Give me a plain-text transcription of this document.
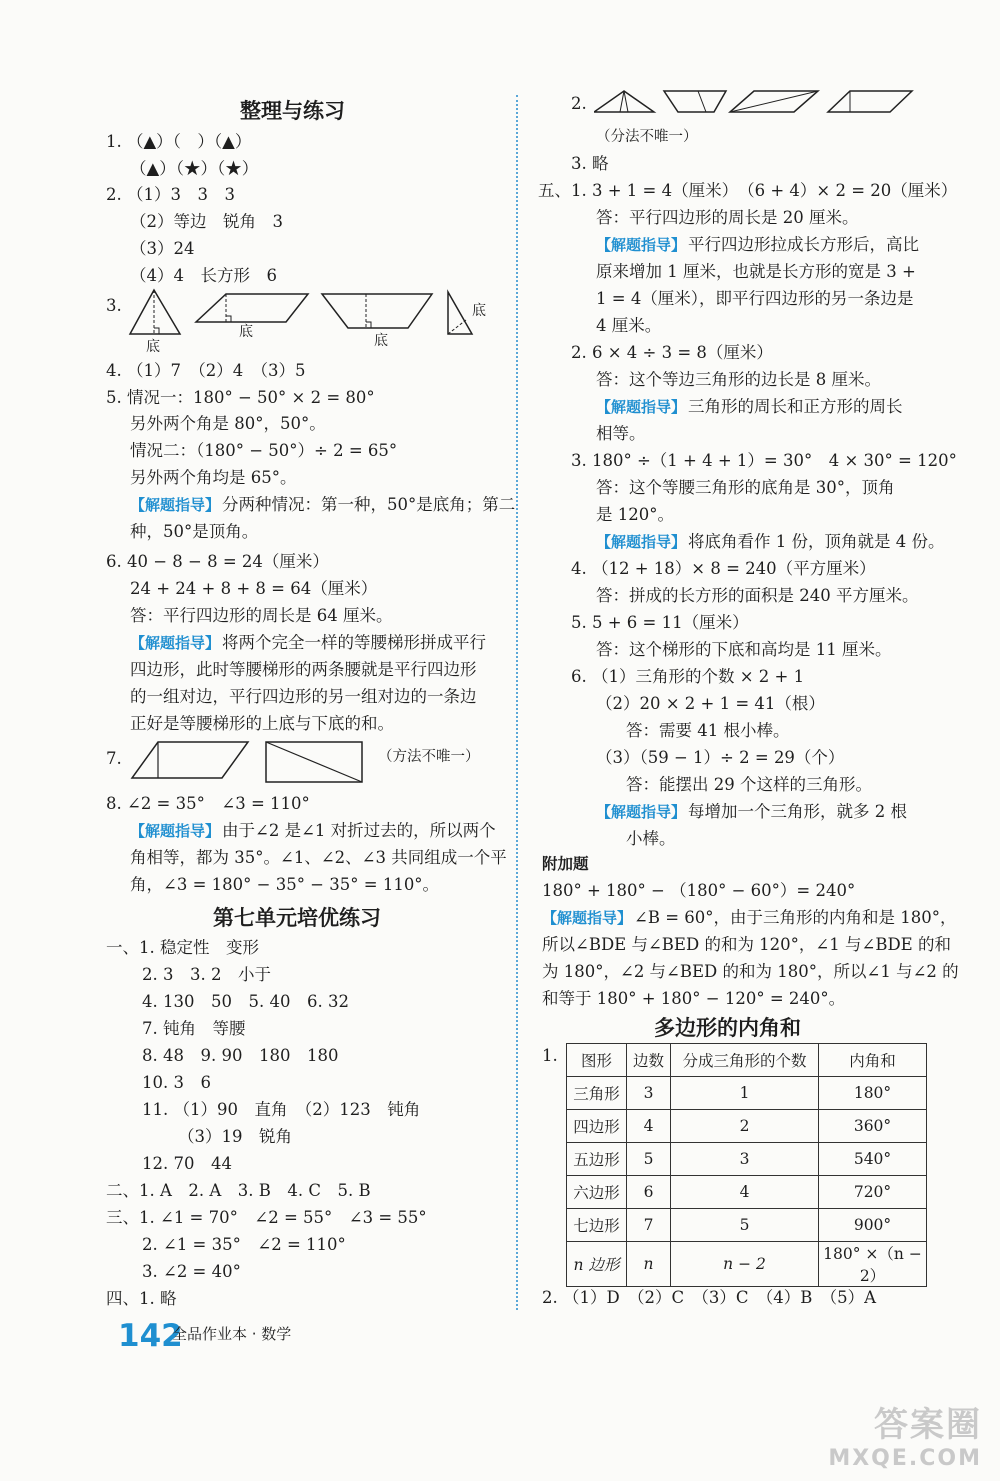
整理与练习
1. （▲）（　）（▲）
（▲）（★）（★）
2. （1）3　3　3
（2）等边　锐角　3
（3）24
（4）4　长方形　6
3.
底
底
底
底
4. （1）7　（2）4　（3）5
5. 情况一：180° − 50° × 2 = 80°
另外两个角是 80°，50°。
情况二：（180° − 50°）÷ 2 = 65°
另外两个角均是 65°。
【解题指导】 分两种情况：第一种，50°是底角；第二
种，50°是顶角。
6. 40 − 8 − 8 = 24（厘米）
24 + 24 + 8 + 8 = 64（厘米）
答：平行四边形的周长是 64 厘米。
【解题指导】 将两个完全一样的等腰梯形拼成平行
四边形，此时等腰梯形的两条腰就是平行四边形
的一组对边，平行四边形的另一组对边的一条边
正好是等腰梯形的上底与下底的和。
7.	（方法不唯一）
8. ∠2 = 35°　∠3 = 110°
【解题指导】 由于∠2 是∠1 对折过去的，所以两个
角相等，都为 35°。∠1、∠2、∠3 共同组成一个平
角，∠3 = 180° − 35° − 35° = 110°。
第七单元培优练习
一、1. 稳定性　变形
2. 3　3. 2　小于
4. 130　50　5. 40　6. 32
7. 钝角　等腰
8. 48　9. 90　180　180
10. 3　6
11. （1）90　直角　（2）123　钝角
（3）19　锐角
12. 70　44
二、1. A　2. A　3. B　4. C　5. B
三、1. ∠1 = 70°　∠2 = 55°　∠3 = 55°
2. ∠1 = 35°　∠2 = 110°
3. ∠2 = 40°
四、1. 略
2.
（分法不唯一）
3. 略
五、1. 3 + 1 = 4（厘米）　（6 + 4）× 2 = 20（厘米）
答：平行四边形的周长是 20 厘米。
【解题指导】 平行四边形拉成长方形后，高比
原来增加 1 厘米，也就是长方形的宽是 3 +
1 = 4（厘米），即平行四边形的另一条边是
4 厘米。
2. 6 × 4 ÷ 3 = 8（厘米）
答：这个等边三角形的边长是 8 厘米。
【解题指导】 三角形的周长和正方形的周长
相等。
3. 180° ÷（1 + 4 + 1）= 30°　4 × 30° = 120°
答：这个等腰三角形的底角是 30°，顶角
是 120°。
【解题指导】 将底角看作 1 份，顶角就是 4 份。
4. （12 + 18）× 8 = 240（平方厘米）
答：拼成的长方形的面积是 240 平方厘米。
5. 5 + 6 = 11（厘米）
答：这个梯形的下底和高均是 11 厘米。
6. （1）三角形的个数 × 2 + 1
（2）20 × 2 + 1 = 41（根）
答：需要 41 根小棒。
（3）（59 − 1）÷ 2 = 29（个）
答：能摆出 29 个这样的三角形。
【解题指导】 每增加一个三角形，就多 2 根
小棒。
附加题
180° + 180° − （180° − 60°）= 240°
【解题指导】 ∠B = 60°，由于三角形的内角和是 180°，
所以∠BDE 与∠BED 的和为 120°，∠1 与∠BDE 的和
为 180°，∠2 与∠BED 的和为 180°，所以∠1 与∠2 的
和等于 180° + 180° − 120° = 240°。
多边形的内角和
1. 图形	边数	分成三角形的个数	内角和
三角形	3	1	180°
四边形	4	2	360°
五边形	5	3	540°
六边形	6	4	720°
七边形	7	5	900°
n 边形	n	n − 2	180° ×（n − 2）
2. （1）D　（2）C　（3）C　（4）B　（5）A
142
全品作业本 · 数学
答案圈
MXQE.COM
